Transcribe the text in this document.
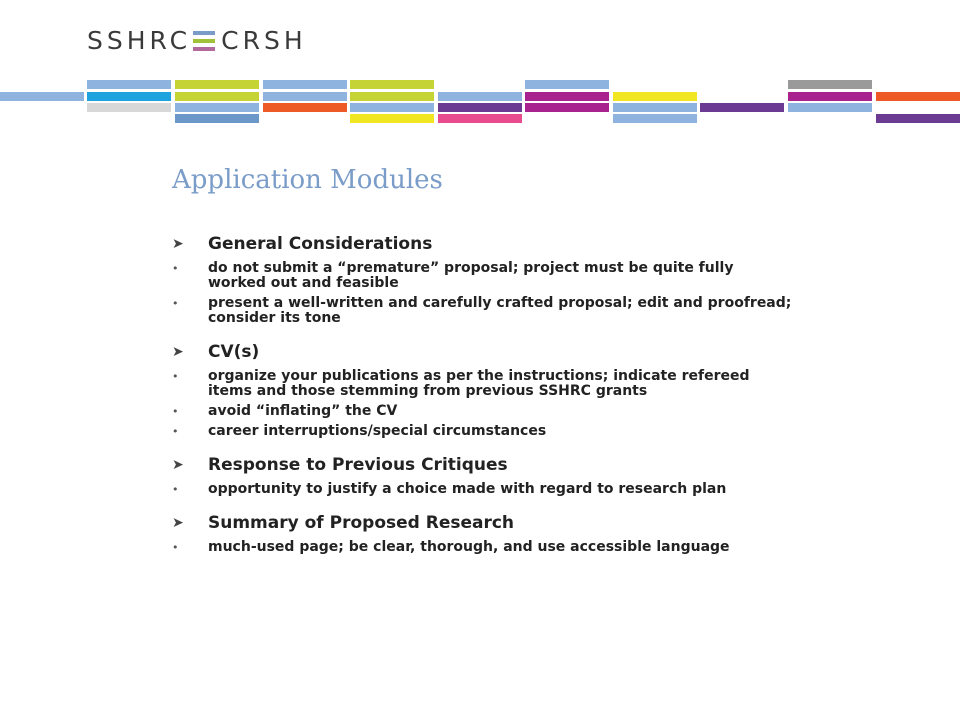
SSHRC CRSH
Application Modules
➤	General Considerations
•	do not submit a “premature” proposal; project must be quite fully worked out and feasible
•	present a well-written and carefully crafted proposal; edit and proofread; consider its tone
➤	CV(s)
•	organize your publications as per the instructions; indicate refereed items and those stemming from previous SSHRC grants
•	avoid “inflating” the CV
•	career interruptions/special circumstances
➤	Response to Previous Critiques
•	opportunity to justify a choice made with regard to research plan
➤	Summary of Proposed Research
•	much-used page; be clear, thorough, and use accessible language
